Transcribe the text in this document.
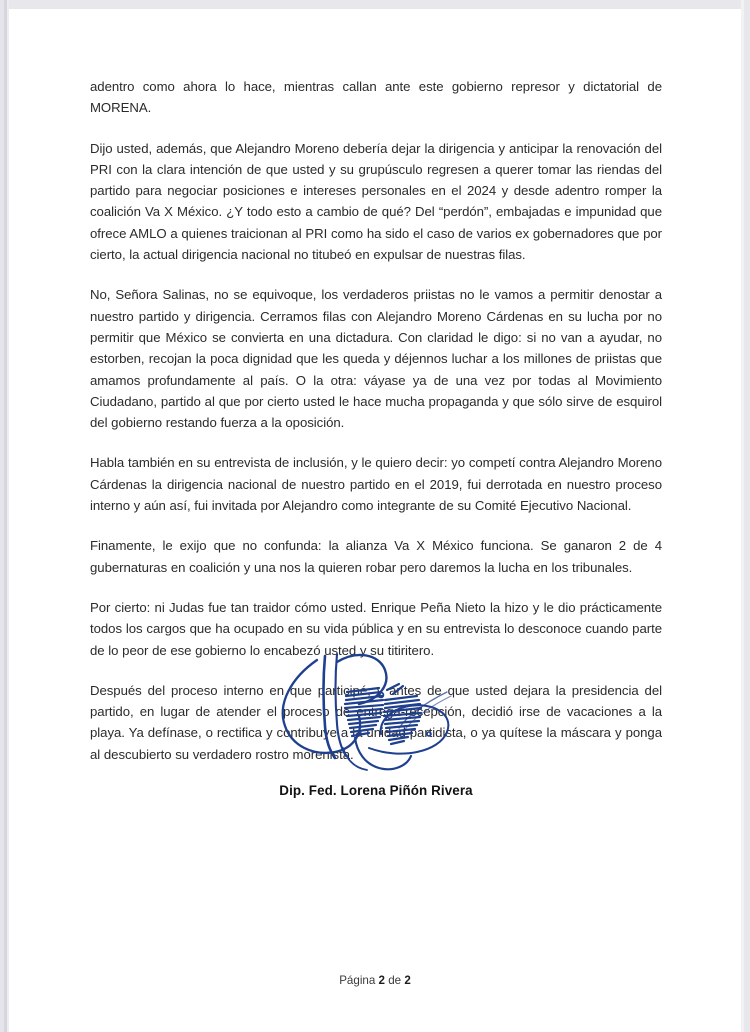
adentro como ahora lo hace, mientras callan ante este gobierno represor y dictatorial de MORENA.

Dijo usted, además, que Alejandro Moreno debería dejar la dirigencia y anticipar la renovación del PRI con la clara intención de que usted y su grupúsculo regresen a querer tomar las riendas del partido para negociar posiciones e intereses personales en el 2024 y desde adentro romper la coalición Va X México. ¿Y todo esto a cambio de qué? Del “perdón”, embajadas e impunidad que ofrece AMLO a quienes traicionan al PRI como ha sido el caso de varios ex gobernadores que por cierto, la actual dirigencia nacional no titubeó en expulsar de nuestras filas.

No, Señora Salinas, no se equivoque, los verdaderos priistas no le vamos a permitir denostar a nuestro partido y dirigencia. Cerramos filas con Alejandro Moreno Cárdenas en su lucha por no permitir que México se convierta en una dictadura. Con claridad le digo: si no van a ayudar, no estorben, recojan la poca dignidad que les queda y déjennos luchar a los millones de priistas que amamos profundamente al país. O la otra: váyase ya de una vez por todas al Movimiento Ciudadano, partido al que por cierto usted le hace mucha propaganda y que sólo sirve de esquirol del gobierno restando fuerza a la oposición.

Habla también en su entrevista de inclusión, y le quiero decir: yo competí contra Alejandro Moreno Cárdenas la dirigencia nacional de nuestro partido en el 2019, fui derrotada en nuestro proceso interno y aún así, fui invitada por Alejandro como integrante de su Comité Ejecutivo Nacional.

Finamente, le exijo que no confunda: la alianza Va X México funciona. Se ganaron 2 de 4 gubernaturas en coalición y una nos la quieren robar pero daremos la lucha en los tribunales.

Por cierto: ni Judas fue tan traidor cómo usted. Enrique Peña Nieto la hizo y le dio prácticamente todos los cargos que ha ocupado en su vida pública y en su entrevista lo desconoce cuando parte de lo peor de ese gobierno lo encabezó usted y su titiritero.

Después del proceso interno en que participé, y antes de que usted dejara la presidencia del partido, en lugar de atender el proceso de entrega-recepción, decidió irse de vacaciones a la playa. Ya defínase, o rectifica y contribuye a la unidad partidista, o ya quítese la máscara y ponga al descubierto su verdadero rostro morenista.

Dip. Fed. Lorena Piñón Rivera
Página 2 de 2
